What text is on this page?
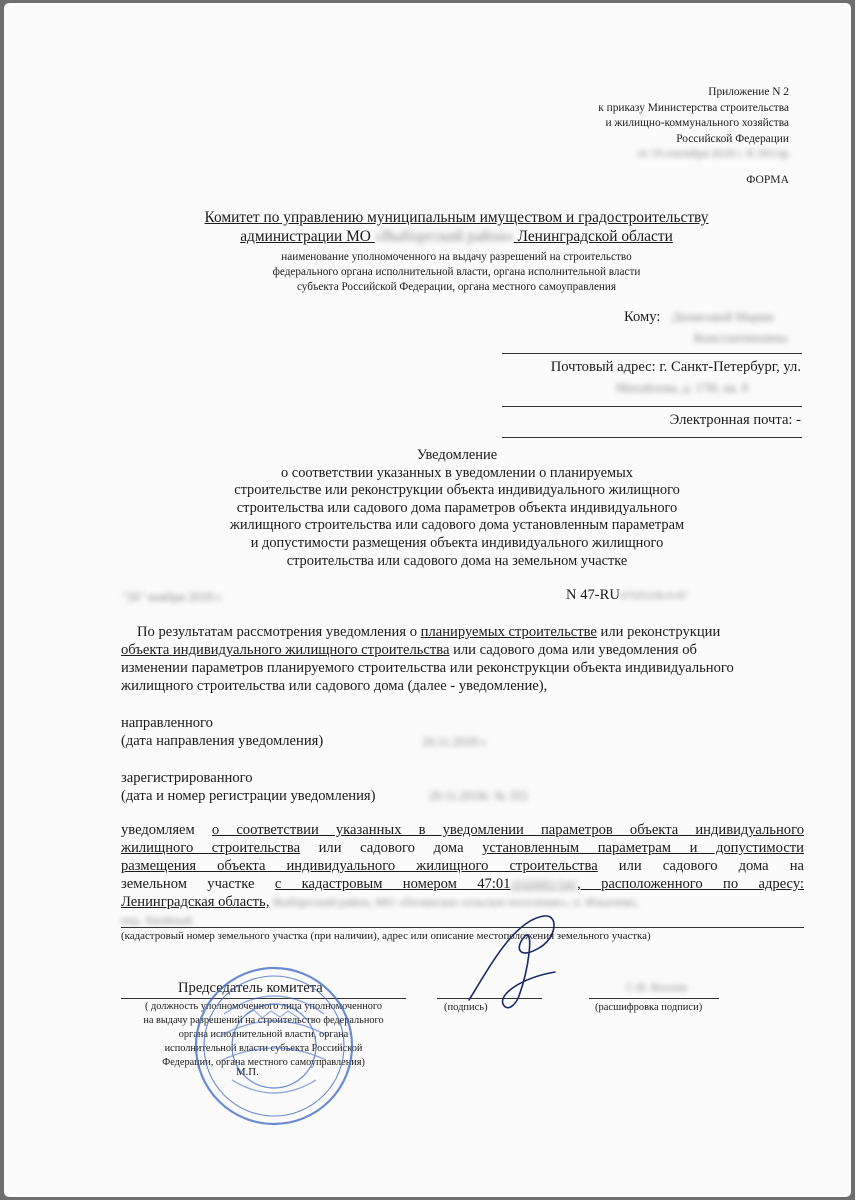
Приложение N 2
к приказу Министерства строительства
и жилищно-коммунального хозяйства
Российской Федерации
от 19 сентября 2018 г. N 591/пр
ФОРМА
Комитет по управлению муниципальным имуществом и градостроительству
администрации МО «Выборгский район» Ленинградской области
наименование уполномоченного на выдачу разрешений на строительство
федерального органа исполнительной власти, органа исполнительной власти
субъекта Российской Федерации, органа местного самоуправления
Кому: Денисовой Марии
Константиновны
Почтовый адрес: г. Санкт-Петербург, ул.
Михайлова, д. 17Н, кв. 8
Электронная почта: -
Уведомление
о соответствии указанных в уведомлении о планируемых
строительстве или реконструкции объекта индивидуального жилищного
строительства или садового дома параметров объекта индивидуального
жилищного строительства или садового дома установленным параметрам
и допустимости размещения объекта индивидуального жилищного
строительства или садового дома на земельном участке
"26" ноября 2018 г.	N 47-RU47505106-0-87
По результатам рассмотрения уведомления о планируемых строительстве или реконструкции
объекта индивидуального жилищного строительства или садового дома или уведомления об
изменении параметров планируемого строительства или реконструкции объекта индивидуального
жилищного строительства или садового дома (далее - уведомление),
направленного
(дата направления уведомления)	20.11.2018 г.
зарегистрированного
(дата и номер регистрации уведомления)	20.11.2018г. № 355
уведомляем о соответствии указанных в уведомлении параметров объекта индивидуального
жилищного строительства или садового дома установленным параметрам и допустимости
размещения объекта индивидуального жилищного строительства или садового дома на
земельном участке с кадастровым номером 47:01:0320001:541, расположенного по адресу:
Ленинградская область, Выборгский район, МО «Полянское сельское поселение», п. Ильичево,
пер. Хвойный
(кадастровый номер земельного участка (при наличии), адрес или описание местоположения земельного участка)
Председатель комитета
( должность уполномоченного лица уполномоченного
на выдачу разрешений на строительство федерального
органа исполнительной власти, органа
исполнительной власти субъекта Российской
Федерации, органа местного самоуправления)
М.П.
(подпись)
С.В. Козлов
(расшифровка подписи)
